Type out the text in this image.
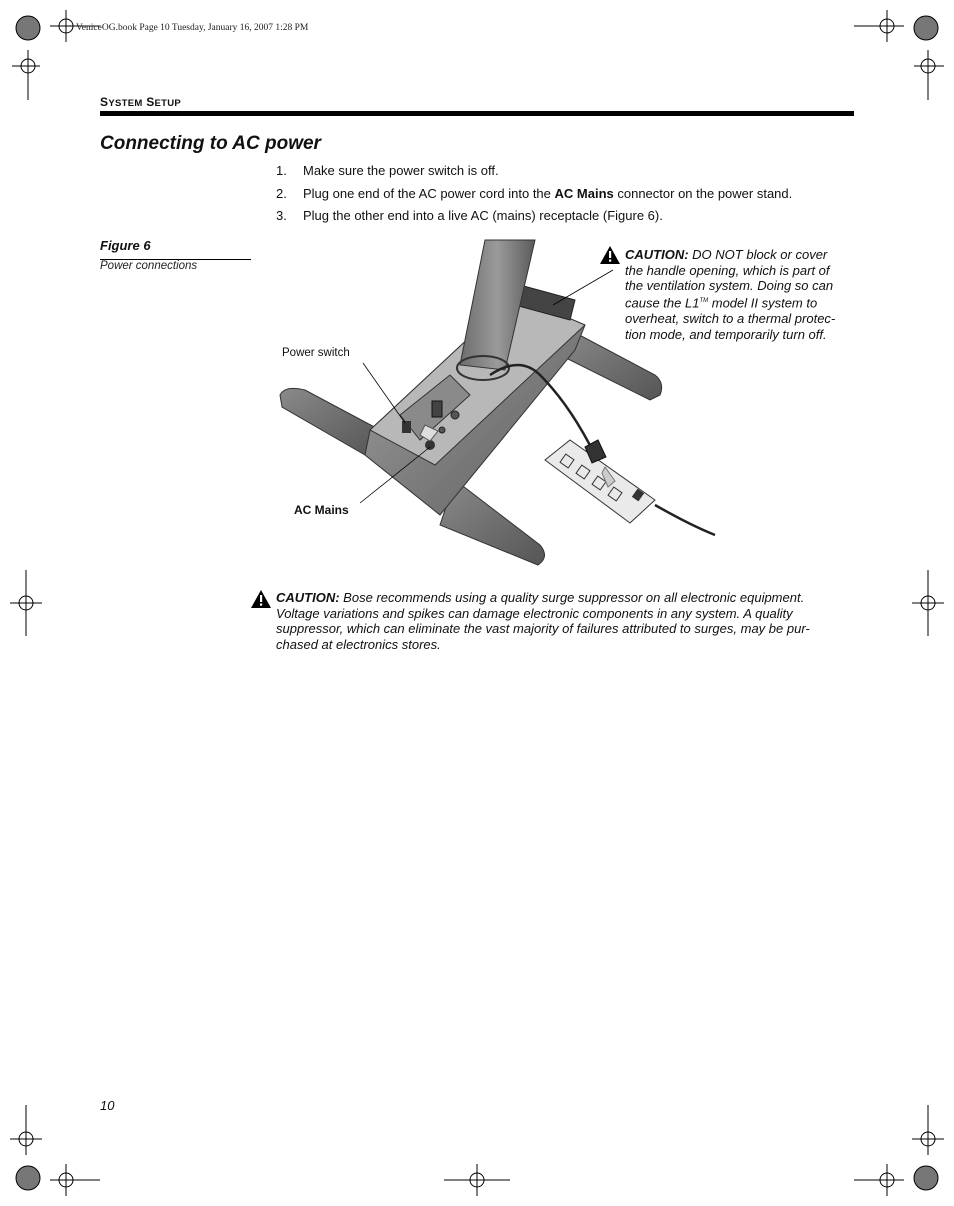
VeniceOG.book Page 10 Tuesday, January 16, 2007 1:28 PM
SYSTEM SETUP
Connecting to AC power
1. Make sure the power switch is off.
2. Plug one end of the AC power cord into the AC Mains connector on the power stand.
3. Plug the other end into a live AC (mains) receptacle (Figure 6).
Figure 6
Power connections
Power switch
AC Mains
CAUTION: DO NOT block or cover
the handle opening, which is part of
the ventilation system. Doing so can
cause the L1™ model II system to
overheat, switch to a thermal protec-
tion mode, and temporarily turn off.
CAUTION: Bose recommends using a quality surge suppressor on all electronic equipment.
Voltage variations and spikes can damage electronic components in any system. A quality
suppressor, which can eliminate the vast majority of failures attributed to surges, may be pur-
chased at electronics stores.
10
